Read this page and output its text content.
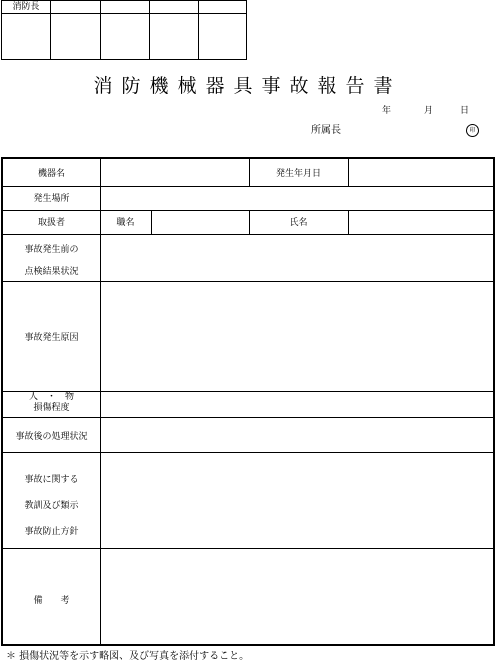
消防長
消防機械器具事故報告書
年	月	日
所属長	印
機器名	発生年月日
発生場所
取扱者	職名	氏名
事故発生前の
点検結果状況
事故発生原因
人　・　物
損傷程度
事故後の処理状況
事故に関する
教訓及び類示
事故防止方針
備　　考
＊ 損傷状況等を示す略図、及び写真を添付すること。
